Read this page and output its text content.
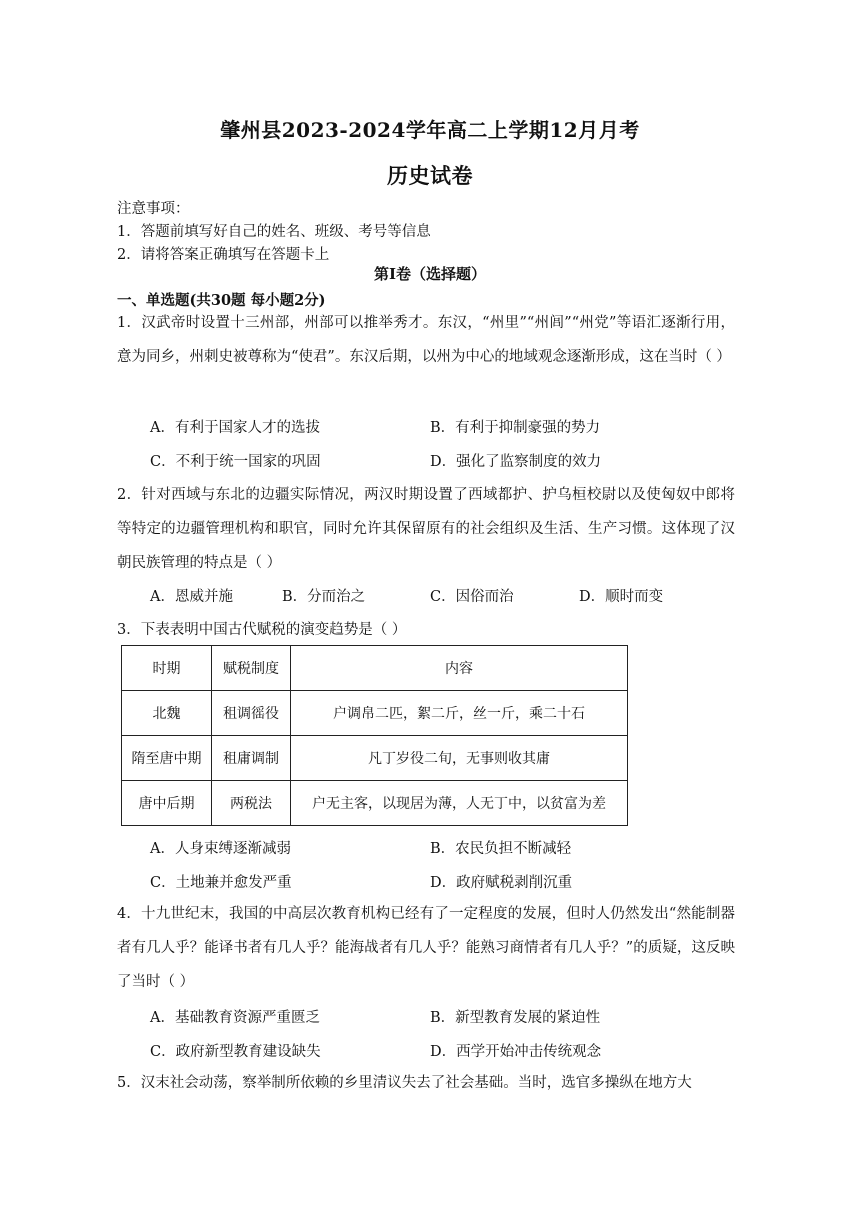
肇州县2023-2024学年高二上学期12月月考
历史试卷
注意事项：
1．答题前填写好自己的姓名、班级、考号等信息
2．请将答案正确填写在答题卡上
第Ⅰ卷（选择题）
一、单选题(共30题 每小题2分)
1．汉武帝时设置十三州部，州部可以推举秀才。东汉，“州里”“州闾”“州党”等语汇逐渐行用，意为同乡，州刺史被尊称为“使君”。东汉后期，以州为中心的地域观念逐渐形成，这在当时（ ）
A．有利于国家人才的选拔	B．有利于抑制豪强的势力
C．不利于统一国家的巩固	D．强化了监察制度的效力
2．针对西域与东北的边疆实际情况，两汉时期设置了西域都护、护乌桓校尉以及使匈奴中郎将等特定的边疆管理机构和职官，同时允许其保留原有的社会组织及生活、生产习惯。这体现了汉朝民族管理的特点是（ ）
A．恩威并施	B．分而治之	C．因俗而治	D．顺时而变
3．下表表明中国古代赋税的演变趋势是（ ）
时期	赋税制度	内容
北魏	租调徭役	户调帛二匹，絮二斤，丝一斤，乘二十石
隋至唐中期	租庸调制	凡丁岁役二旬，无事则收其庸
唐中后期	两税法	户无主客，以现居为薄，人无丁中，以贫富为差
A．人身束缚逐渐减弱	B．农民负担不断减轻
C．土地兼并愈发严重	D．政府赋税剥削沉重
4．十九世纪末，我国的中高层次教育机构已经有了一定程度的发展，但时人仍然发出“然能制器者有几人乎？能译书者有几人乎？能海战者有几人乎？能熟习商情者有几人乎？”的质疑，这反映了当时（ ）
A．基础教育资源严重匮乏	B．新型教育发展的紧迫性
C．政府新型教育建设缺失	D．西学开始冲击传统观念
5．汉末社会动荡，察举制所依赖的乡里清议失去了社会基础。当时，选官多操纵在地方大
